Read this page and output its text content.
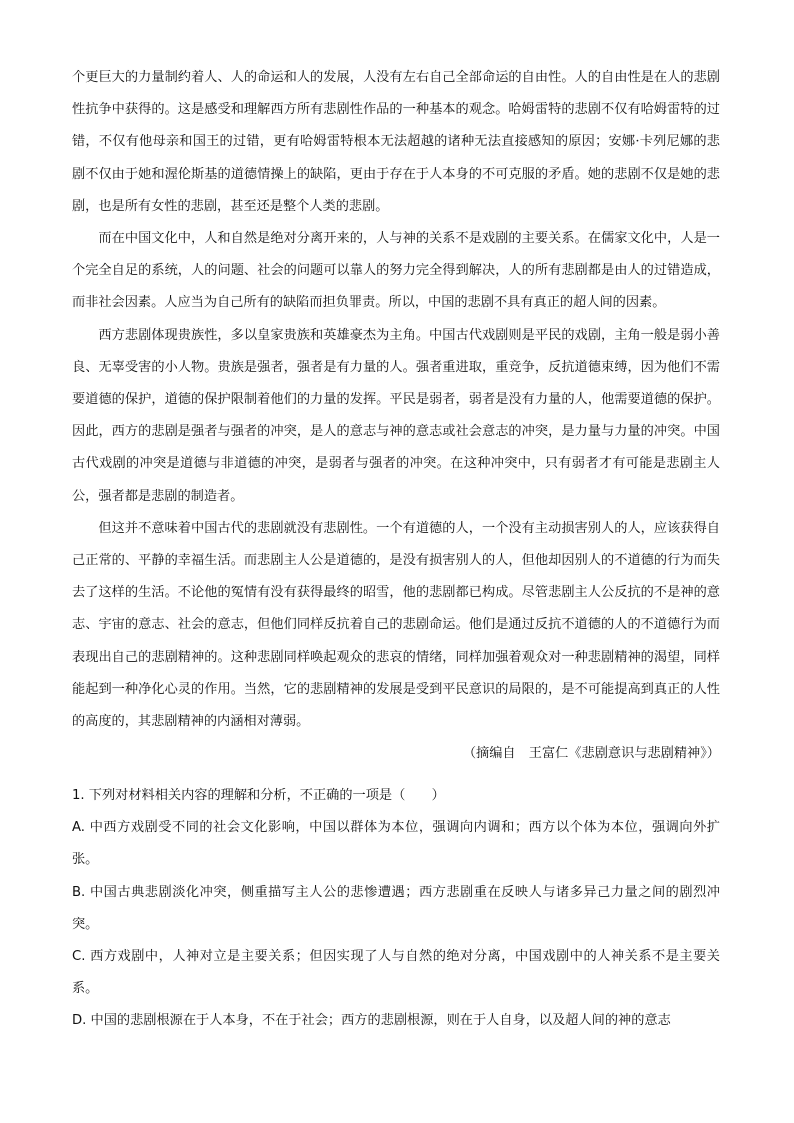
个更巨大的力量制约着人、人的命运和人的发展，人没有左右自己全部命运的自由性。人的自由性是在人的悲剧性抗争中获得的。这是感受和理解西方所有悲剧性作品的一种基本的观念。哈姆雷特的悲剧不仅有哈姆雷特的过错，不仅有他母亲和国王的过错，更有哈姆雷特根本无法超越的诸种无法直接感知的原因；安娜·卡列尼娜的悲剧不仅由于她和渥伦斯基的道德情操上的缺陷，更由于存在于人本身的不可克服的矛盾。她的悲剧不仅是她的悲剧，也是所有女性的悲剧，甚至还是整个人类的悲剧。

而在中国文化中，人和自然是绝对分离开来的，人与神的关系不是戏剧的主要关系。在儒家文化中，人是一个完全自足的系统，人的问题、社会的问题可以靠人的努力完全得到解决，人的所有悲剧都是由人的过错造成，而非社会因素。人应当为自己所有的缺陷而担负罪责。所以，中国的悲剧不具有真正的超人间的因素。

西方悲剧体现贵族性，多以皇家贵族和英雄豪杰为主角。中国古代戏剧则是平民的戏剧，主角一般是弱小善良、无辜受害的小人物。贵族是强者，强者是有力量的人。强者重进取，重竞争，反抗道德束缚，因为他们不需要道德的保护，道德的保护限制着他们的力量的发挥。平民是弱者，弱者是没有力量的人，他需要道德的保护。因此，西方的悲剧是强者与强者的冲突，是人的意志与神的意志或社会意志的冲突，是力量与力量的冲突。中国古代戏剧的冲突是道德与非道德的冲突，是弱者与强者的冲突。在这种冲突中，只有弱者才有可能是悲剧主人公，强者都是悲剧的制造者。

但这并不意味着中国古代的悲剧就没有悲剧性。一个有道德的人，一个没有主动损害别人的人，应该获得自己正常的、平静的幸福生活。而悲剧主人公是道德的，是没有损害别人的人，但他却因别人的不道德的行为而失去了这样的生活。不论他的冤情有没有获得最终的昭雪，他的悲剧都已构成。尽管悲剧主人公反抗的不是神的意志、宇宙的意志、社会的意志，但他们同样反抗着自己的悲剧命运。他们是通过反抗不道德的人的不道德行为而表现出自己的悲剧精神的。这种悲剧同样唤起观众的悲哀的情绪，同样加强着观众对一种悲剧精神的渴望，同样能起到一种净化心灵的作用。当然，它的悲剧精神的发展是受到平民意识的局限的，是不可能提高到真正的人性的高度的，其悲剧精神的内涵相对薄弱。

（摘编自　王富仁《悲剧意识与悲剧精神》）

1. 下列对材料相关内容的理解和分析，不正确的一项是（　　）

A. 中西方戏剧受不同的社会文化影响，中国以群体为本位，强调向内调和；西方以个体为本位，强调向外扩张。

B. 中国古典悲剧淡化冲突，侧重描写主人公的悲惨遭遇；西方悲剧重在反映人与诸多异己力量之间的剧烈冲突。

C. 西方戏剧中，人神对立是主要关系；但因实现了人与自然的绝对分离，中国戏剧中的人神关系不是主要关系。

D. 中国的悲剧根源在于人本身，不在于社会；西方的悲剧根源，则在于人自身，以及超人间的神的意志
